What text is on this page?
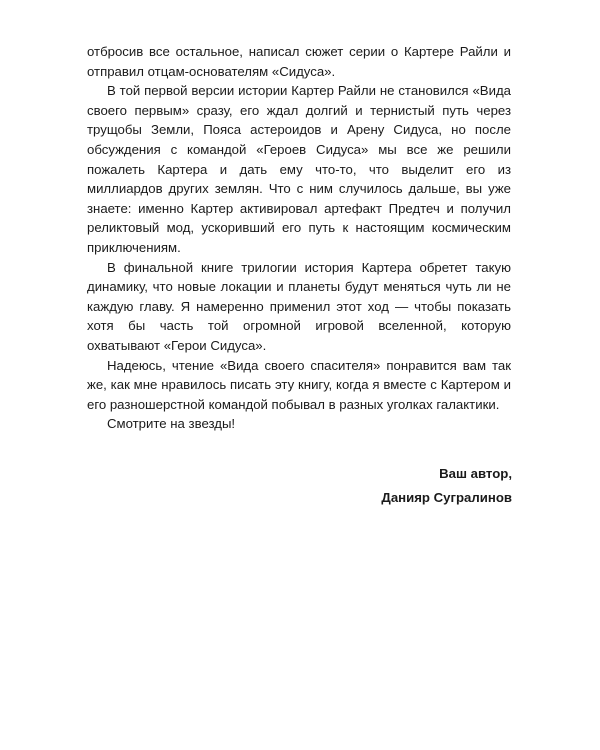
отбросив все остальное, написал сюжет серии о Картере Райли и отправил отцам-основателям «Сидуса».

В той первой версии истории Картер Райли не становился «Вида своего первым» сразу, его ждал долгий и тернистый путь через трущобы Земли, Пояса астероидов и Арену Сидуса, но после обсуждения с командой «Героев Сидуса» мы все же решили пожалеть Картера и дать ему что-то, что выделит его из миллиардов других землян. Что с ним случилось дальше, вы уже знаете: именно Картер активировал артефакт Предтеч и получил реликтовый мод, ускоривший его путь к настоящим космическим приключениям.

В финальной книге трилогии история Картера обретет такую динамику, что новые локации и планеты будут меняться чуть ли не каждую главу. Я намеренно применил этот ход — чтобы показать хотя бы часть той огромной игровой вселенной, которую охватывают «Герои Сидуса».

Надеюсь, чтение «Вида своего спасителя» понравится вам так же, как мне нравилось писать эту книгу, когда я вместе с Картером и его разношерстной командой побывал в разных уголках галактики.

Смотрите на звезды!

Ваш автор,
Данияр Сугралинов
